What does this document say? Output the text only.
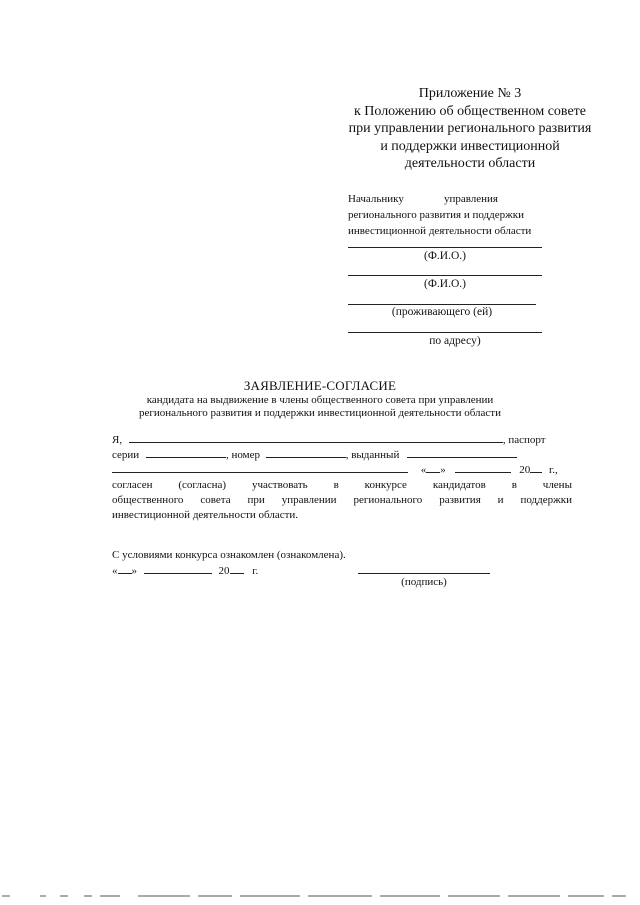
Приложение № 3
к Положению об общественном совете
при управлении регионального развития
и поддержки инвестиционной
деятельности области
Начальнику	управления
регионального развития и поддержки
инвестиционной деятельности области
(Ф.И.О.)
(Ф.И.О.)
(проживающего (ей)
по адресу)
ЗАЯВЛЕНИЕ-СОГЛАСИЕ
кандидата на выдвижение в члены общественного совета при управлении
регионального развития и поддержки инвестиционной деятельности области
Я,	, паспорт
серии	, номер	, выданный
« »	20 г.,
согласен (согласна) участвовать в конкурсе кандидатов в члены
общественного совета при управлении регионального развития и поддержки
инвестиционной деятельности области.
С условиями конкурса ознакомлен (ознакомлена).
« »	20 г.
(подпись)
